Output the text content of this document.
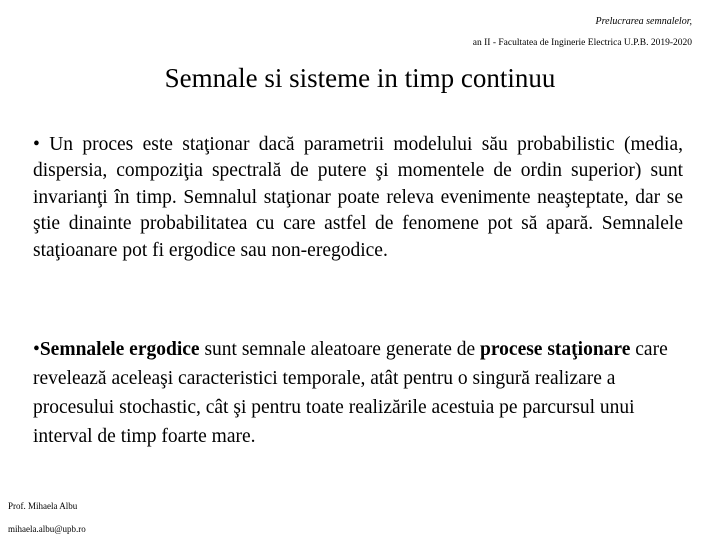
Prelucrarea semnalelor,
an II - Facultatea de Inginerie Electrica U.P.B. 2019-2020
Semnale si sisteme in timp continuu
• Un proces este staţionar dacă parametrii modelului său probabilistic (media, dispersia, compoziţia spectrală de putere şi momentele de ordin superior) sunt invarianţi în timp. Semnalul staţionar poate releva evenimente neaşteptate, dar se ştie dinainte probabilitatea cu care astfel de fenomene pot să apară. Semnalele staţioanare pot fi ergodice sau non-eregodice.
•Semnalele ergodice sunt semnale aleatoare generate de procese staţionare care revelează aceleaşi caracteristici temporale, atât pentru o singură realizare a procesului stochastic, cât şi pentru toate realizările acestuia pe parcursul unui interval de timp foarte mare.
Prof. Mihaela Albu
mihaela.albu@upb.ro
